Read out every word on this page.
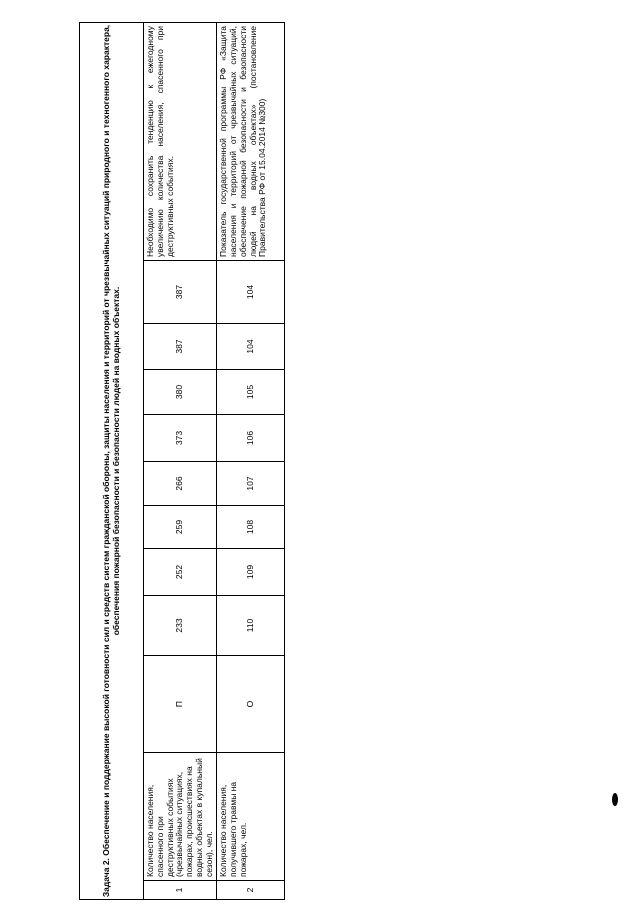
Задача 2. Обеспечение и поддержание высокой готовности сил и средств систем гражданской обороны, защиты населения и территорий от чрезвычайных ситуаций природного и техногенного характера, обеспечения пожарной безопасности и безопасности людей на водных объектах.											
1	Количество населения, спасенного при деструктивных событиях (чрезвычайных ситуациях, пожарах, происшествиях на водных объектах в купальный сезон), чел.	П	233	252	259	266	373	380	387	387	Необходимо сохранить тенденцию к ежегодному увеличению количества населения, спасенного при деструктивных событиях.
2	Количество населения, получившего травмы на пожарах, чел.	О	110	109	108	107	106	105	104	104	Показатель государственной программы РФ «Защита населения и территорий от чрезвычайных ситуаций, обеспечение пожарной безопасности и безопасности людей на водных объектах» (постановление Правительства РФ от 15.04.2014 №300)
